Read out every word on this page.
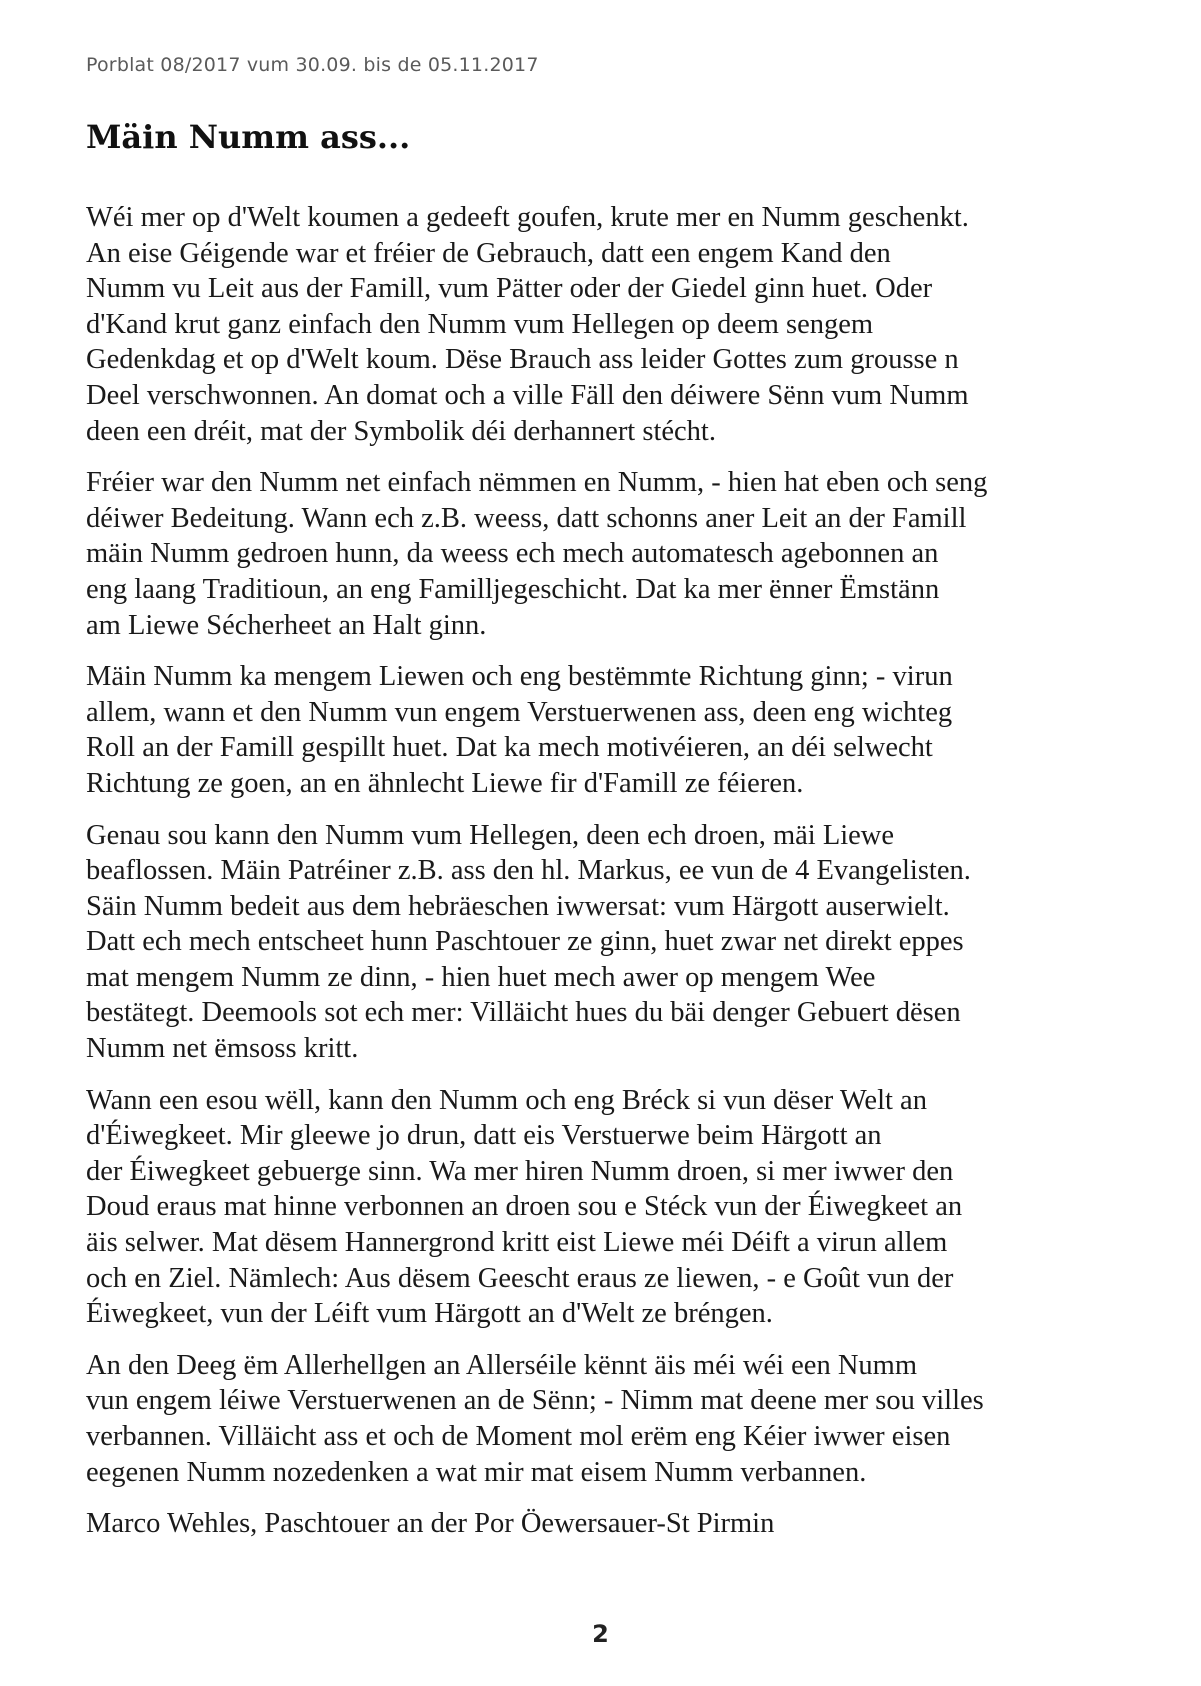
Porblat 08/2017 vum 30.09. bis de 05.11.2017
Mäin Numm ass...

Wéi mer op d'Welt koumen a gedeeft goufen, krute mer en Numm geschenkt.
An eise Géigende war et fréier de Gebrauch, datt een engem Kand den
Numm vu Leit aus der Famill, vum Pätter oder der Giedel ginn huet. Oder
d'Kand krut ganz einfach den Numm vum Hellegen op deem sengem
Gedenkdag et op d'Welt koum. Dëse Brauch ass leider Gottes zum grousse n
Deel verschwonnen. An domat och a ville Fäll den déiwere Sënn vum Numm
deen een dréit, mat der Symbolik déi derhannert stécht.

Fréier war den Numm net einfach nëmmen en Numm, - hien hat eben och seng
déiwer Bedeitung. Wann ech z.B. weess, datt schonns aner Leit an der Famill
mäin Numm gedroen hunn, da weess ech mech automatesch agebonnen an
eng laang Traditioun, an eng Familljegeschicht. Dat ka mer ënner Ëmstänn
am Liewe Sécherheet an Halt ginn.

Mäin Numm ka mengem Liewen och eng bestëmmte Richtung ginn; - virun
allem, wann et den Numm vun engem Verstuerwenen ass, deen eng wichteg
Roll an der Famill gespillt huet. Dat ka mech motivéieren, an déi selwecht
Richtung ze goen, an en ähnlecht Liewe fir d'Famill ze féieren.

Genau sou kann den Numm vum Hellegen, deen ech droen, mäi Liewe
beaflossen. Mäin Patréiner z.B. ass den hl. Markus, ee vun de 4 Evangelisten.
Säin Numm bedeit aus dem hebräeschen iwwersat: vum Härgott auserwielt.
Datt ech mech entscheet hunn Paschtouer ze ginn, huet zwar net direkt eppes
mat mengem Numm ze dinn, - hien huet mech awer op mengem Wee
bestätegt. Deemools sot ech mer: Villäicht hues du bäi denger Gebuert dësen
Numm net ëmsoss kritt.

Wann een esou wëll, kann den Numm och eng Bréck si vun dëser Welt an
d'Éiwegkeet. Mir gleewe jo drun, datt eis Verstuerwe beim Härgott an
der Éiwegkeet gebuerge sinn. Wa mer hiren Numm droen, si mer iwwer den
Doud eraus mat hinne verbonnen an droen sou e Stéck vun der Éiwegkeet an
äis selwer. Mat dësem Hannergrond kritt eist Liewe méi Déift a virun allem
och en Ziel. Nämlech: Aus dësem Geescht eraus ze liewen, - e Goût vun der
Éiwegkeet, vun der Léift vum Härgott an d'Welt ze bréngen.

An den Deeg ëm Allerhellgen an Allerséile kënnt äis méi wéi een Numm
vun engem léiwe Verstuerwenen an de Sënn; - Nimm mat deene mer sou villes
verbannen. Villäicht ass et och de Moment mol erëm eng Kéier iwwer eisen
eegenen Numm nozedenken a wat mir mat eisem Numm verbannen.

Marco Wehles, Paschtouer an der Por Öewersauer-St Pirmin

2
